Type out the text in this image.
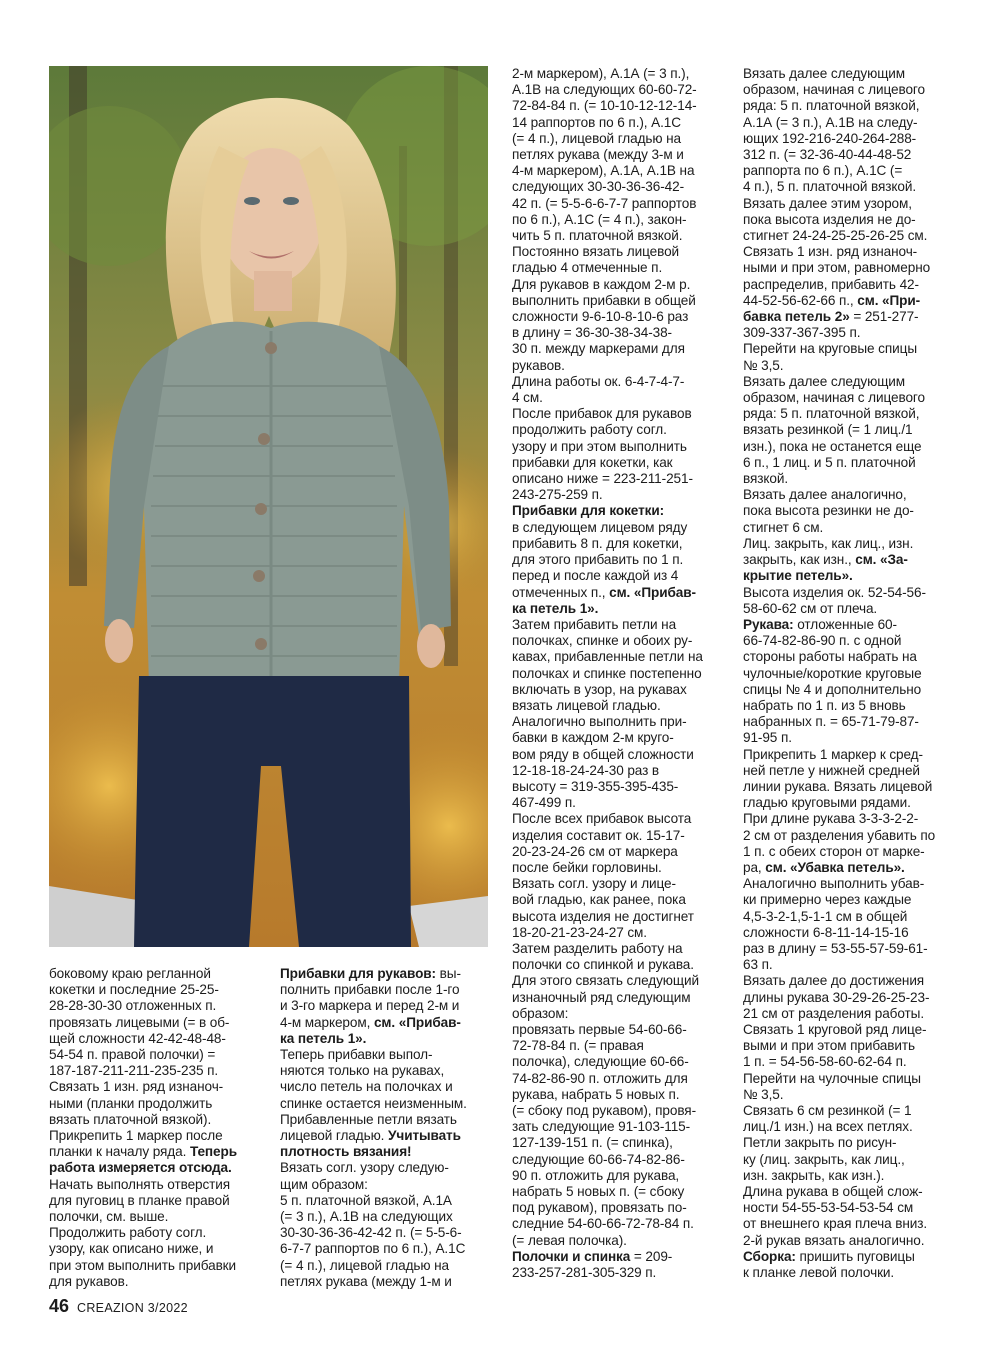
боковому краю регланной

кокетки и последние 25-25-

28-28-30-30 отложенных п.

провязать лицевыми (= в об-

щей сложности 42-42-48-48-

54-54 п. правой полочки) =

187-187-211-211-235-235 п.

Связать 1 изн. ряд изнаноч-

ными (планки продолжить

вязать платочной вязкой).

Прикрепить 1 маркер после

планки к началу ряда. Теперь

работа измеряется отсюда.

Начать выполнять отверстия

для пуговиц в планке правой

полочки, см. выше.

Продолжить работу согл.

узору, как описано ниже, и

при этом выполнить прибавки

для рукавов.

Прибавки для рукавов: вы-

полнить прибавки после 1-го

и 3-го маркера и перед 2-м и

4-м маркером, см. «Прибав-

ка петель 1».

Теперь прибавки выпол-

няются только на рукавах,

число петель на полочках и

спинке остается неизменным.

Прибавленные петли вязать

лицевой гладью. Учитывать

плотность вязания!

Вязать согл. узору следую-

щим образом:

5 п. платочной вязкой, А.1А

(= 3 п.), А.1В на следующих

30-30-36-36-42-42 п. (= 5-5-6-

6-7-7 раппортов по 6 п.), А.1С

(= 4 п.), лицевой гладью на

петлях рукава (между 1-м и

2-м маркером), А.1А (= 3 п.),

А.1В на следующих 60-60-72-

72-84-84 п. (= 10-10-12-12-14-

14 раппортов по 6 п.), А.1С

(= 4 п.), лицевой гладью на

петлях рукава (между 3-м и

4-м маркером), А.1А, А.1В на

следующих 30-30-36-36-42-

42 п. (= 5-5-6-6-7-7 раппортов

по 6 п.), А.1С (= 4 п.), закон-

чить 5 п. платочной вязкой.

Постоянно вязать лицевой

гладью 4 отмеченные п.

Для рукавов в каждом 2-м р.

выполнить прибавки в общей

сложности 9-6-10-8-10-6 раз

в длину = 36-30-38-34-38-

30 п. между маркерами для

рукавов.

Длина работы ок. 6-4-7-4-7-

4 см.

После прибавок для рукавов

продолжить работу согл.

узору и при этом выполнить

прибавки для кокетки, как

описано ниже = 223-211-251-

243-275-259 п.

Прибавки для кокетки:

в следующем лицевом ряду

прибавить 8 п. для кокетки,

для этого прибавить по 1 п.

перед и после каждой из 4

отмеченных п., см. «Прибав-

ка петель 1».

Затем прибавить петли на

полочках, спинке и обоих ру-

кавах, прибавленные петли на

полочках и спинке постепенно

включать в узор, на рукавах

вязать лицевой гладью.

Аналогично выполнить при-

бавки в каждом 2-м круго-

вом ряду в общей сложности

12-18-18-24-24-30 раз в

высоту = 319-355-395-435-

467-499 п.

После всех прибавок высота

изделия составит ок. 15-17-

20-23-24-26 см от маркера

после бейки горловины.

Вязать согл. узору и лице-

вой гладью, как ранее, пока

высота изделия не достигнет

18-20-21-23-24-27 см.

Затем разделить работу на

полочки со спинкой и рукава.

Для этого связать следующий

изнаночный ряд следующим

образом:

провязать первые 54-60-66-

72-78-84 п. (= правая

полочка), следующие 60-66-

74-82-86-90 п. отложить для

рукава, набрать 5 новых п.

(= сбоку под рукавом), провя-

зать следующие 91-103-115-

127-139-151 п. (= спинка),

следующие 60-66-74-82-86-

90 п. отложить для рукава,

набрать 5 новых п. (= сбоку

под рукавом), провязать по-

следние 54-60-66-72-78-84 п.

(= левая полочка).

Полочки и спинка = 209-

233-257-281-305-329 п.

Вязать далее следующим

образом, начиная с лицевого

ряда: 5 п. платочной вязкой,

А.1А (= 3 п.), А.1В на следу-

ющих 192-216-240-264-288-

312 п. (= 32-36-40-44-48-52

раппорта по 6 п.), А.1С (=

4 п.), 5 п. платочной вязкой.

Вязать далее этим узором,

пока высота изделия не до-

стигнет 24-24-25-25-26-25 см.

Связать 1 изн. ряд изнаноч-

ными и при этом, равномерно

распределив, прибавить 42-

44-52-56-62-66 п., см. «При-

бавка петель 2» = 251-277-

309-337-367-395 п.

Перейти на круговые спицы

№ 3,5.

Вязать далее следующим

образом, начиная с лицевого

ряда: 5 п. платочной вязкой,

вязать резинкой (= 1 лиц./1

изн.), пока не останется еще

6 п., 1 лиц. и 5 п. платочной

вязкой.

Вязать далее аналогично,

пока высота резинки не до-

стигнет 6 см.

Лиц. закрыть, как лиц., изн.

закрыть, как изн., см. «За-

крытие петель».

Высота изделия ок. 52-54-56-

58-60-62 см от плеча.

Рукава: отложенные 60-

66-74-82-86-90 п. с одной

стороны работы набрать на

чулочные/короткие круговые

спицы № 4 и дополнительно

набрать по 1 п. из 5 вновь

набранных п. = 65-71-79-87-

91-95 п.

Прикрепить 1 маркер к сред-

ней петле у нижней средней

линии рукава. Вязать лицевой

гладью круговыми рядами.

При длине рукава 3-3-3-2-2-

2 см от разделения убавить по

1 п. с обеих сторон от марке-

ра, см. «Убавка петель».

Аналогично выполнить убав-

ки примерно через каждые

4,5-3-2-1,5-1-1 см в общей

сложности 6-8-11-14-15-16

раз в длину = 53-55-57-59-61-

63 п.

Вязать далее до достижения

длины рукава 30-29-26-25-23-

21 см от разделения работы.

Связать 1 круговой ряд лице-

выми и при этом прибавить

1 п. = 54-56-58-60-62-64 п.

Перейти на чулочные спицы

№ 3,5.

Связать 6 см резинкой (= 1

лиц./1 изн.) на всех петлях.

Петли закрыть по рисун-

ку (лиц. закрыть, как лиц.,

изн. закрыть, как изн.).

Длина рукава в общей слож-

ности 54-55-53-54-53-54 см

от внешнего края плеча вниз.

2-й рукав вязать аналогично.

Сборка: пришить пуговицы

к планке левой полочки.

46 CREAZION 3/2022
